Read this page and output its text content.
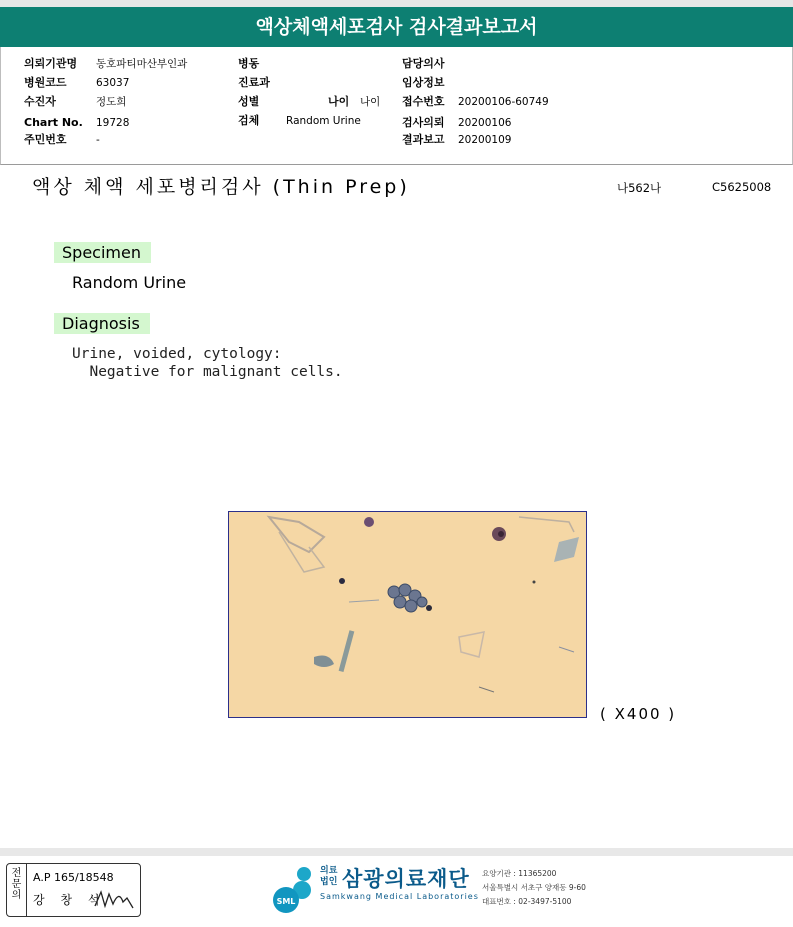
액상체액세포검사 검사결과보고서
의뢰기관명 동호파티마산부인과
병원코드	63037
수진자	정도희
Chart No. 19728
주민번호	-
병동
진료과
성별	나이 나이
검체	Random Urine
담당의사
임상정보
접수번호 20200106-60749
검사의뢰 20200106
결과보고 20200109
액상 체액 세포병리검사 (Thin Prep)	나562나	C5625008
Specimen
Random Urine
Diagnosis
Urine, voided, cytology:
Negative for malignant cells.
( X400 )
전문의
A.P 165/18548
강 창 석	SML
의료
법인 삼광의료재단
Samkwang Medical Laboratories
요양기관 : 11365200
서울특별시 서초구 양재동 9-60
대표번호 : 02-3497-5100
